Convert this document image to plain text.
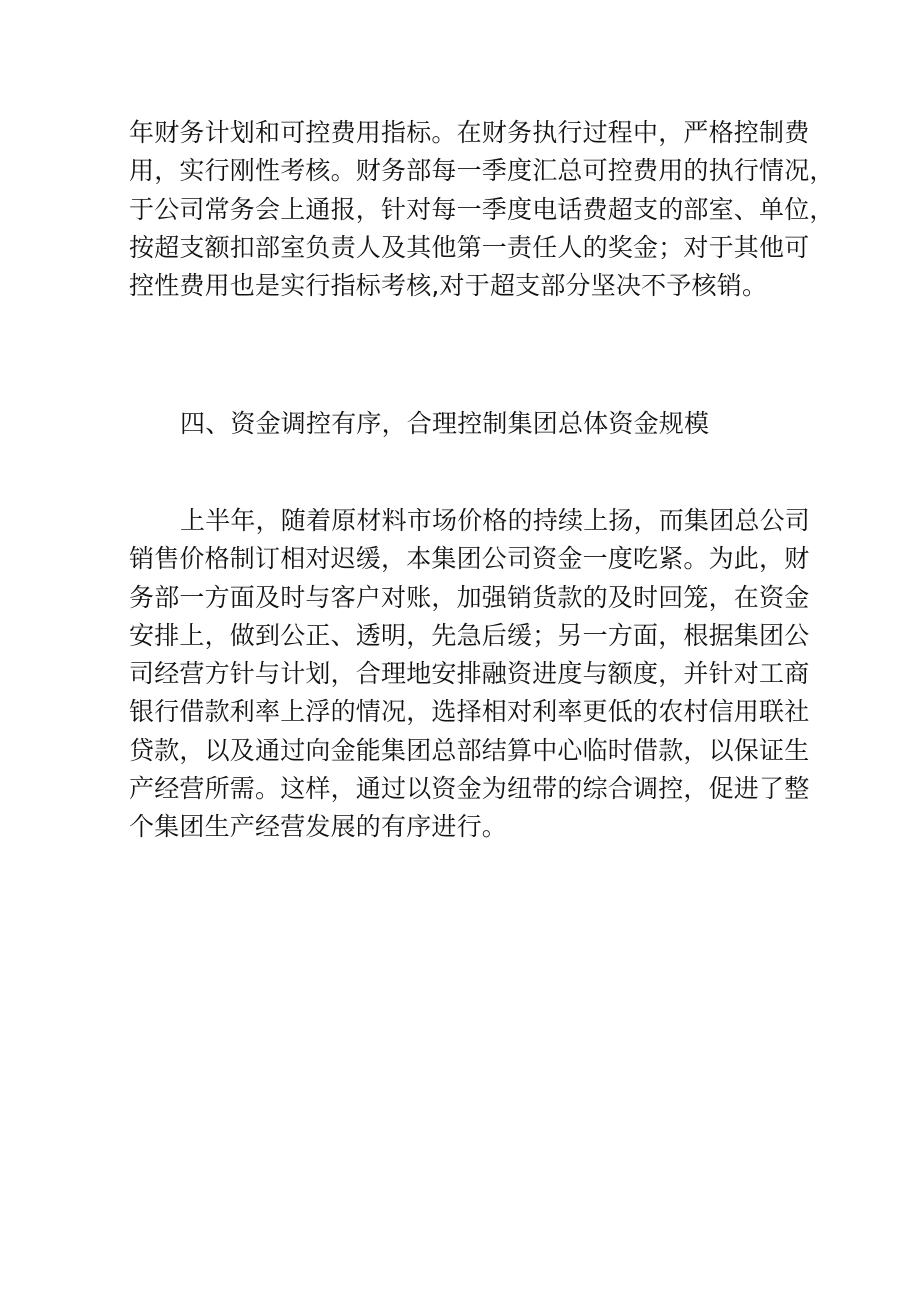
年财务计划和可控费用指标。在财务执行过程中，严格控制费
用，实行刚性考核。财务部每一季度汇总可控费用的执行情况，
于公司常务会上通报，针对每一季度电话费超支的部室、单位，
按超支额扣部室负责人及其他第一责任人的奖金；对于其他可
控性费用也是实行指标考核,对于超支部分坚决不予核销。
四、资金调控有序，合理控制集团总体资金规模
上半年，随着原材料市场价格的持续上扬，而集团总公司
销售价格制订相对迟缓，本集团公司资金一度吃紧。为此，财
务部一方面及时与客户对账，加强销货款的及时回笼，在资金
安排上，做到公正、透明，先急后缓；另一方面，根据集团公
司经营方针与计划，合理地安排融资进度与额度，并针对工商
银行借款利率上浮的情况，选择相对利率更低的农村信用联社
贷款，以及通过向金能集团总部结算中心临时借款，以保证生
产经营所需。这样，通过以资金为纽带的综合调控，促进了整
个集团生产经营发展的有序进行。
